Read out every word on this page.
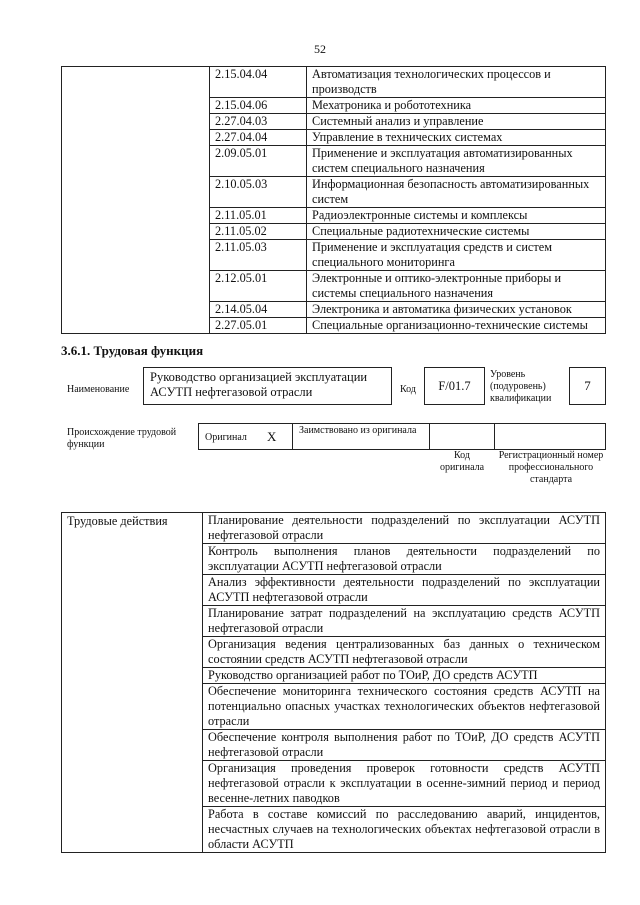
52
	2.15.04.04	Автоматизация технологических процессов и производств
	2.15.04.06	Мехатроника и робототехника
	2.27.04.03	Системный анализ и управление
	2.27.04.04	Управление в технических системах
	2.09.05.01	Применение и эксплуатация автоматизированных систем специального назначения
	2.10.05.03	Информационная безопасность автоматизированных систем
	2.11.05.01	Радиоэлектронные системы и комплексы
	2.11.05.02	Специальные радиотехнические системы
	2.11.05.03	Применение и эксплуатация средств и систем специального мониторинга
	2.12.05.01	Электронные и оптико-электронные приборы и системы специального назначения
	2.14.05.04	Электроника и автоматика физических установок
	2.27.05.01	Специальные организационно-технические системы
3.6.1. Трудовая функция
Наименование
Руководство организацией эксплуатации АСУТП нефтегазовой отрасли	Код	F/01.7
Уровень (подуровень) квалификации
7
Происхождение трудовой функции
Оригинал X	Заимствовано из оригинала
Код оригинала
Регистрационный номер профессионального стандарта
Трудовые действия	Планирование деятельности подразделений по эксплуатации АСУТП нефтегазовой отрасли
Контроль выполнения планов деятельности подразделений по эксплуатации АСУТП нефтегазовой отрасли
Анализ эффективности деятельности подразделений по эксплуатации АСУТП нефтегазовой отрасли
Планирование затрат подразделений на эксплуатацию средств АСУТП нефтегазовой отрасли
Организация ведения централизованных баз данных о техническом состоянии средств АСУТП нефтегазовой отрасли
Руководство организацией работ по ТОиР, ДО средств АСУТП
Обеспечение мониторинга технического состояния средств АСУТП на потенциально опасных участках технологических объектов нефтегазовой отрасли
Обеспечение контроля выполнения работ по ТОиР, ДО средств АСУТП нефтегазовой отрасли
Организация проведения проверок готовности средств АСУТП нефтегазовой отрасли к эксплуатации в осенне-зимний период и период весенне-летних паводков
Работа в составе комиссий по расследованию аварий, инцидентов, несчастных случаев на технологических объектах нефтегазовой отрасли в области АСУТП
